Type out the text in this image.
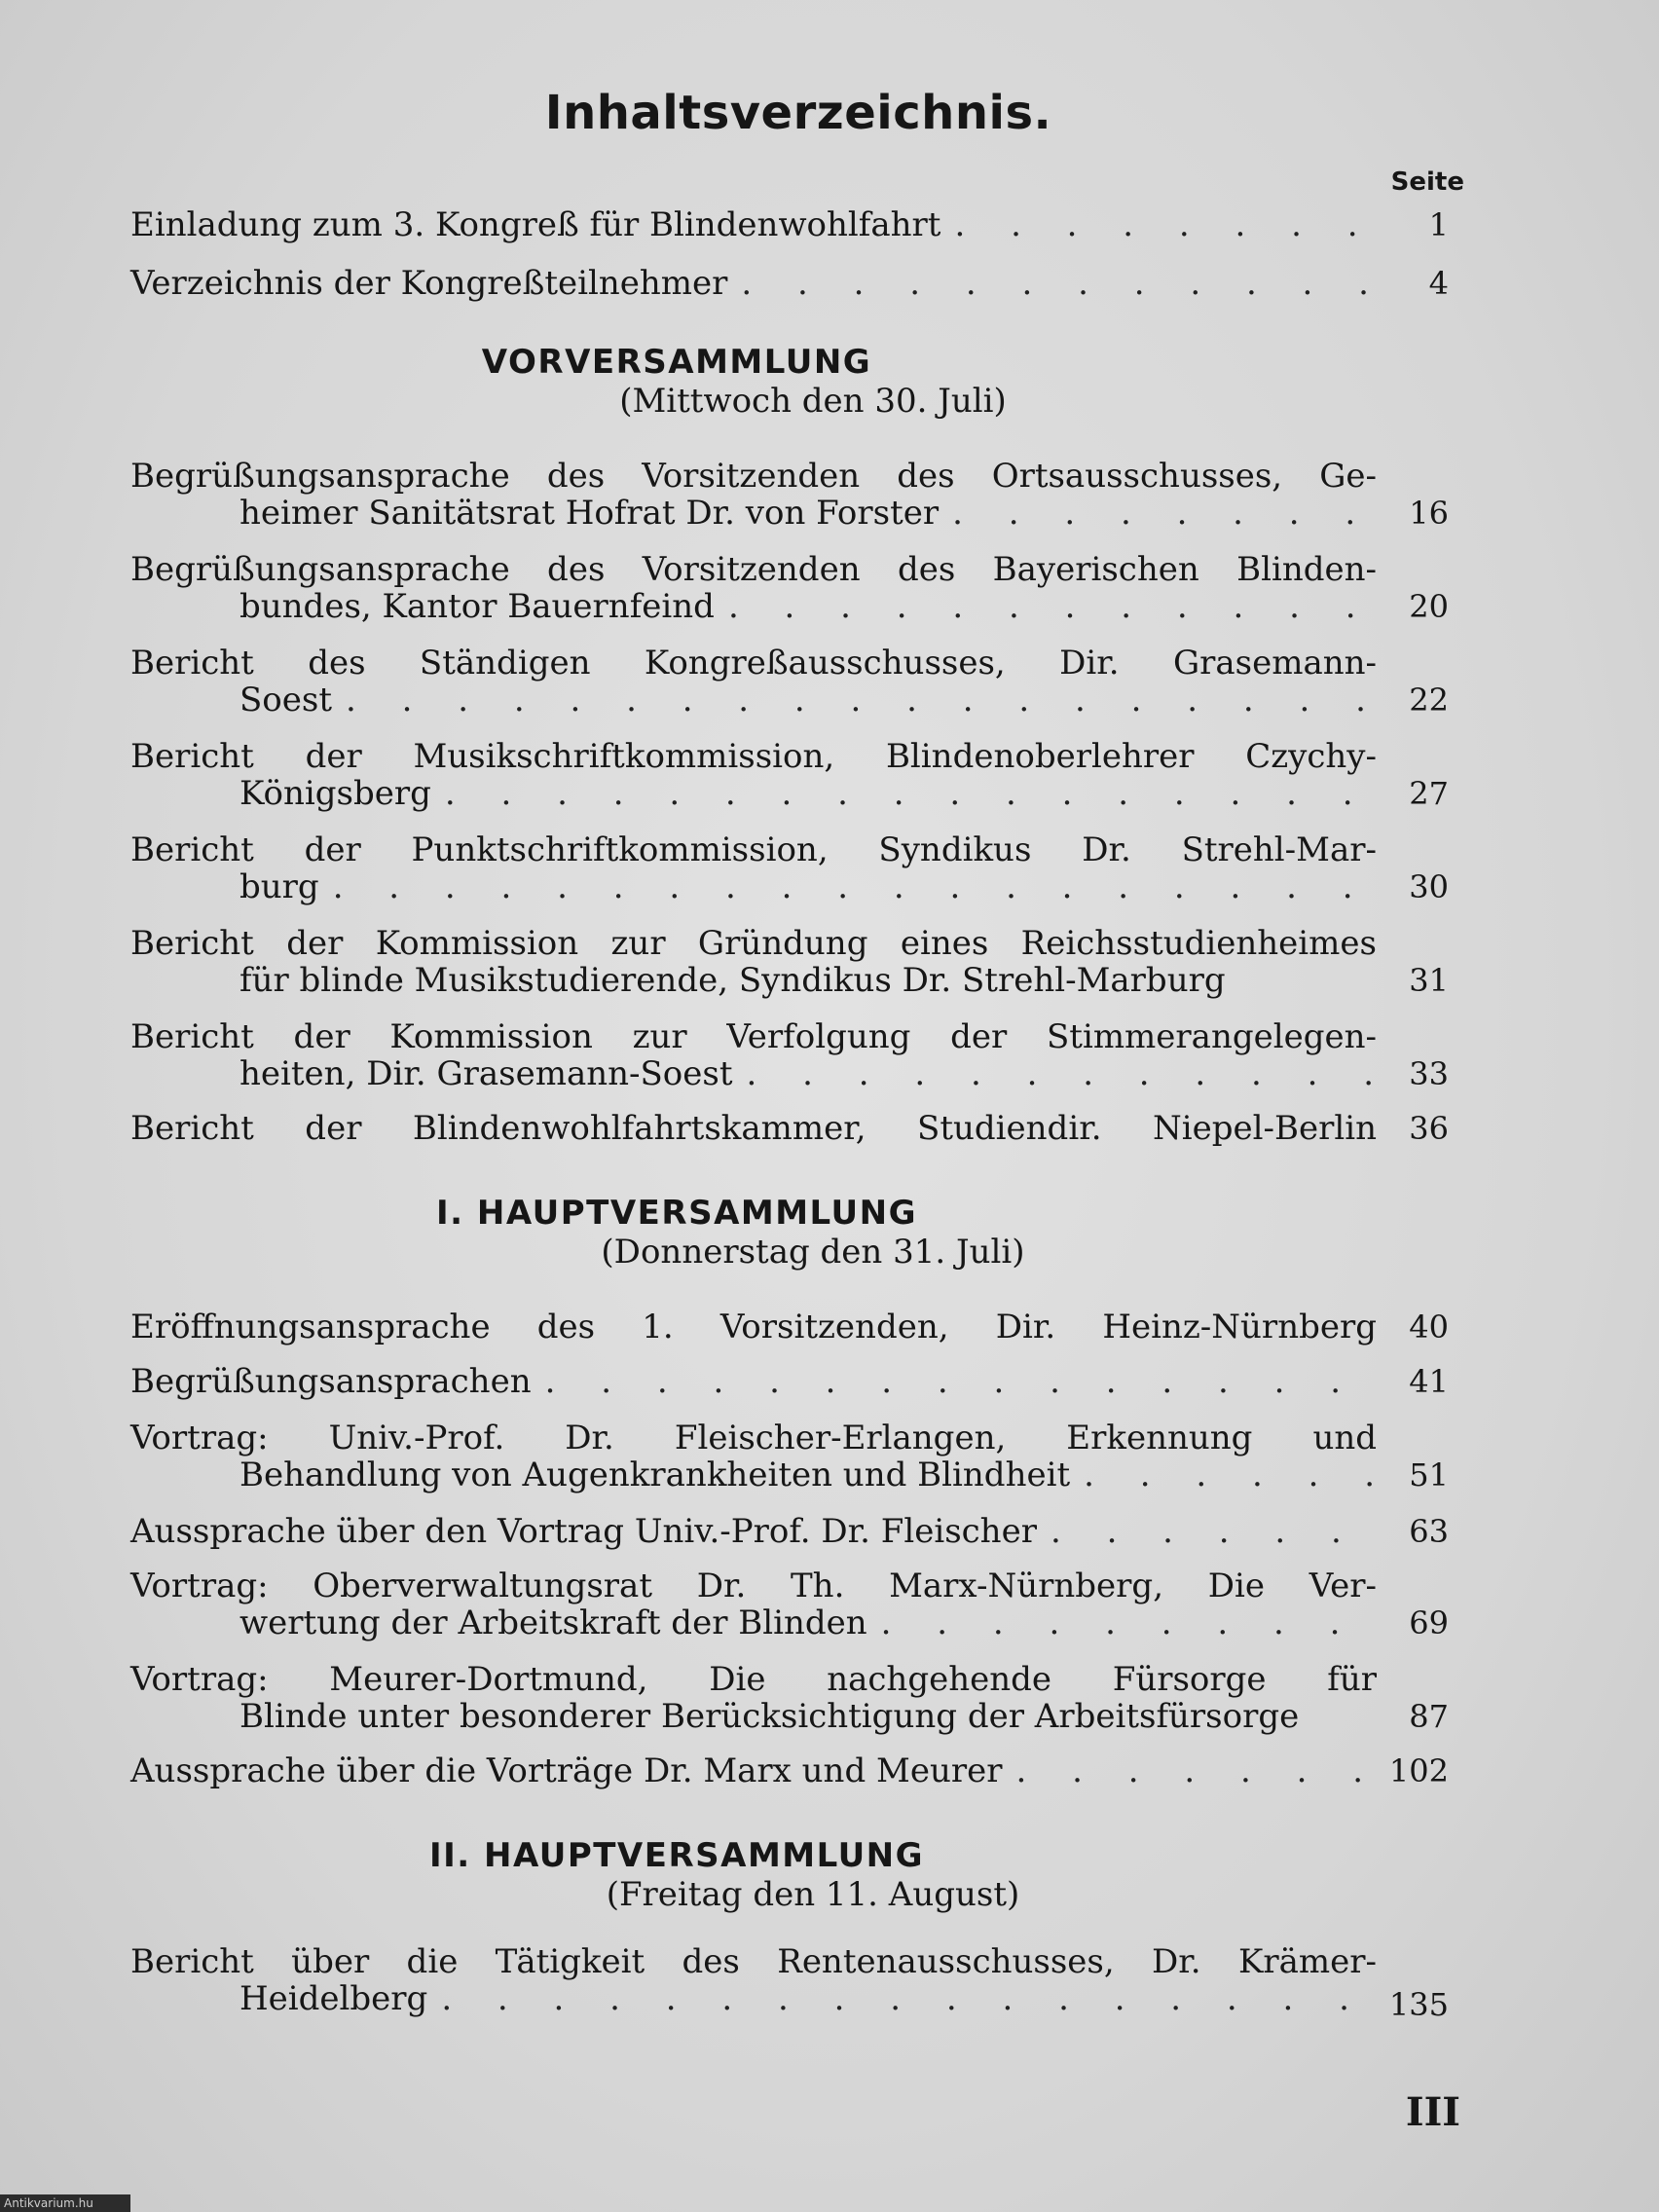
Inhaltsverzeichnis.
Seite
Einladung zum 3. Kongreß für Blindenwohlfahrt . . .	1
Verzeichnis der Kongreßteilnehmer . . .	4
VORVERSAMMLUNG
(Mittwoch den 30. Juli)
Begrüßungsansprache des Vorsitzenden des Ortsausschusses, Ge-
heimer Sanitätsrat Hofrat Dr. von Forster . . .	16
Begrüßungsansprache des Vorsitzenden des Bayerischen Blinden-
bundes, Kantor Bauernfeind . . .	20
Bericht des Ständigen Kongreßausschusses, Dir. Grasemann-
Soest . . .	22
Bericht der Musikschriftkommission, Blindenoberlehrer Czychy-
Königsberg . . .	27
Bericht der Punktschriftkommission, Syndikus Dr. Strehl-Mar-
burg . . .	30
Bericht der Kommission zur Gründung eines Reichsstudienheimes
für blinde Musikstudierende, Syndikus Dr. Strehl-Marburg	31
Bericht der Kommission zur Verfolgung der Stimmerangelegen-
heiten, Dir. Grasemann-Soest . . .	33
Bericht der Blindenwohlfahrtskammer, Studiendir. Niepel-Berlin	36
I. HAUPTVERSAMMLUNG
(Donnerstag den 31. Juli)
Eröffnungsansprache des 1. Vorsitzenden, Dir. Heinz-Nürnberg	40
Begrüßungsansprachen . . .	41
Vortrag: Univ.-Prof. Dr. Fleischer-Erlangen, Erkennung und
Behandlung von Augenkrankheiten und Blindheit . . .	51
Aussprache über den Vortrag Univ.-Prof. Dr. Fleischer . . .	63
Vortrag: Oberverwaltungsrat Dr. Th. Marx-Nürnberg, Die Ver-
wertung der Arbeitskraft der Blinden . . .	69
Vortrag: Meurer-Dortmund, Die nachgehende Fürsorge für
Blinde unter besonderer Berücksichtigung der Arbeitsfürsorge	87
Aussprache über die Vorträge Dr. Marx und Meurer . . .	102
II. HAUPTVERSAMMLUNG
(Freitag den 11. August)
Bericht über die Tätigkeit des Rentenausschusses, Dr. Krämer-
Heidelberg . . .	135
III
Antikvarium.hu
